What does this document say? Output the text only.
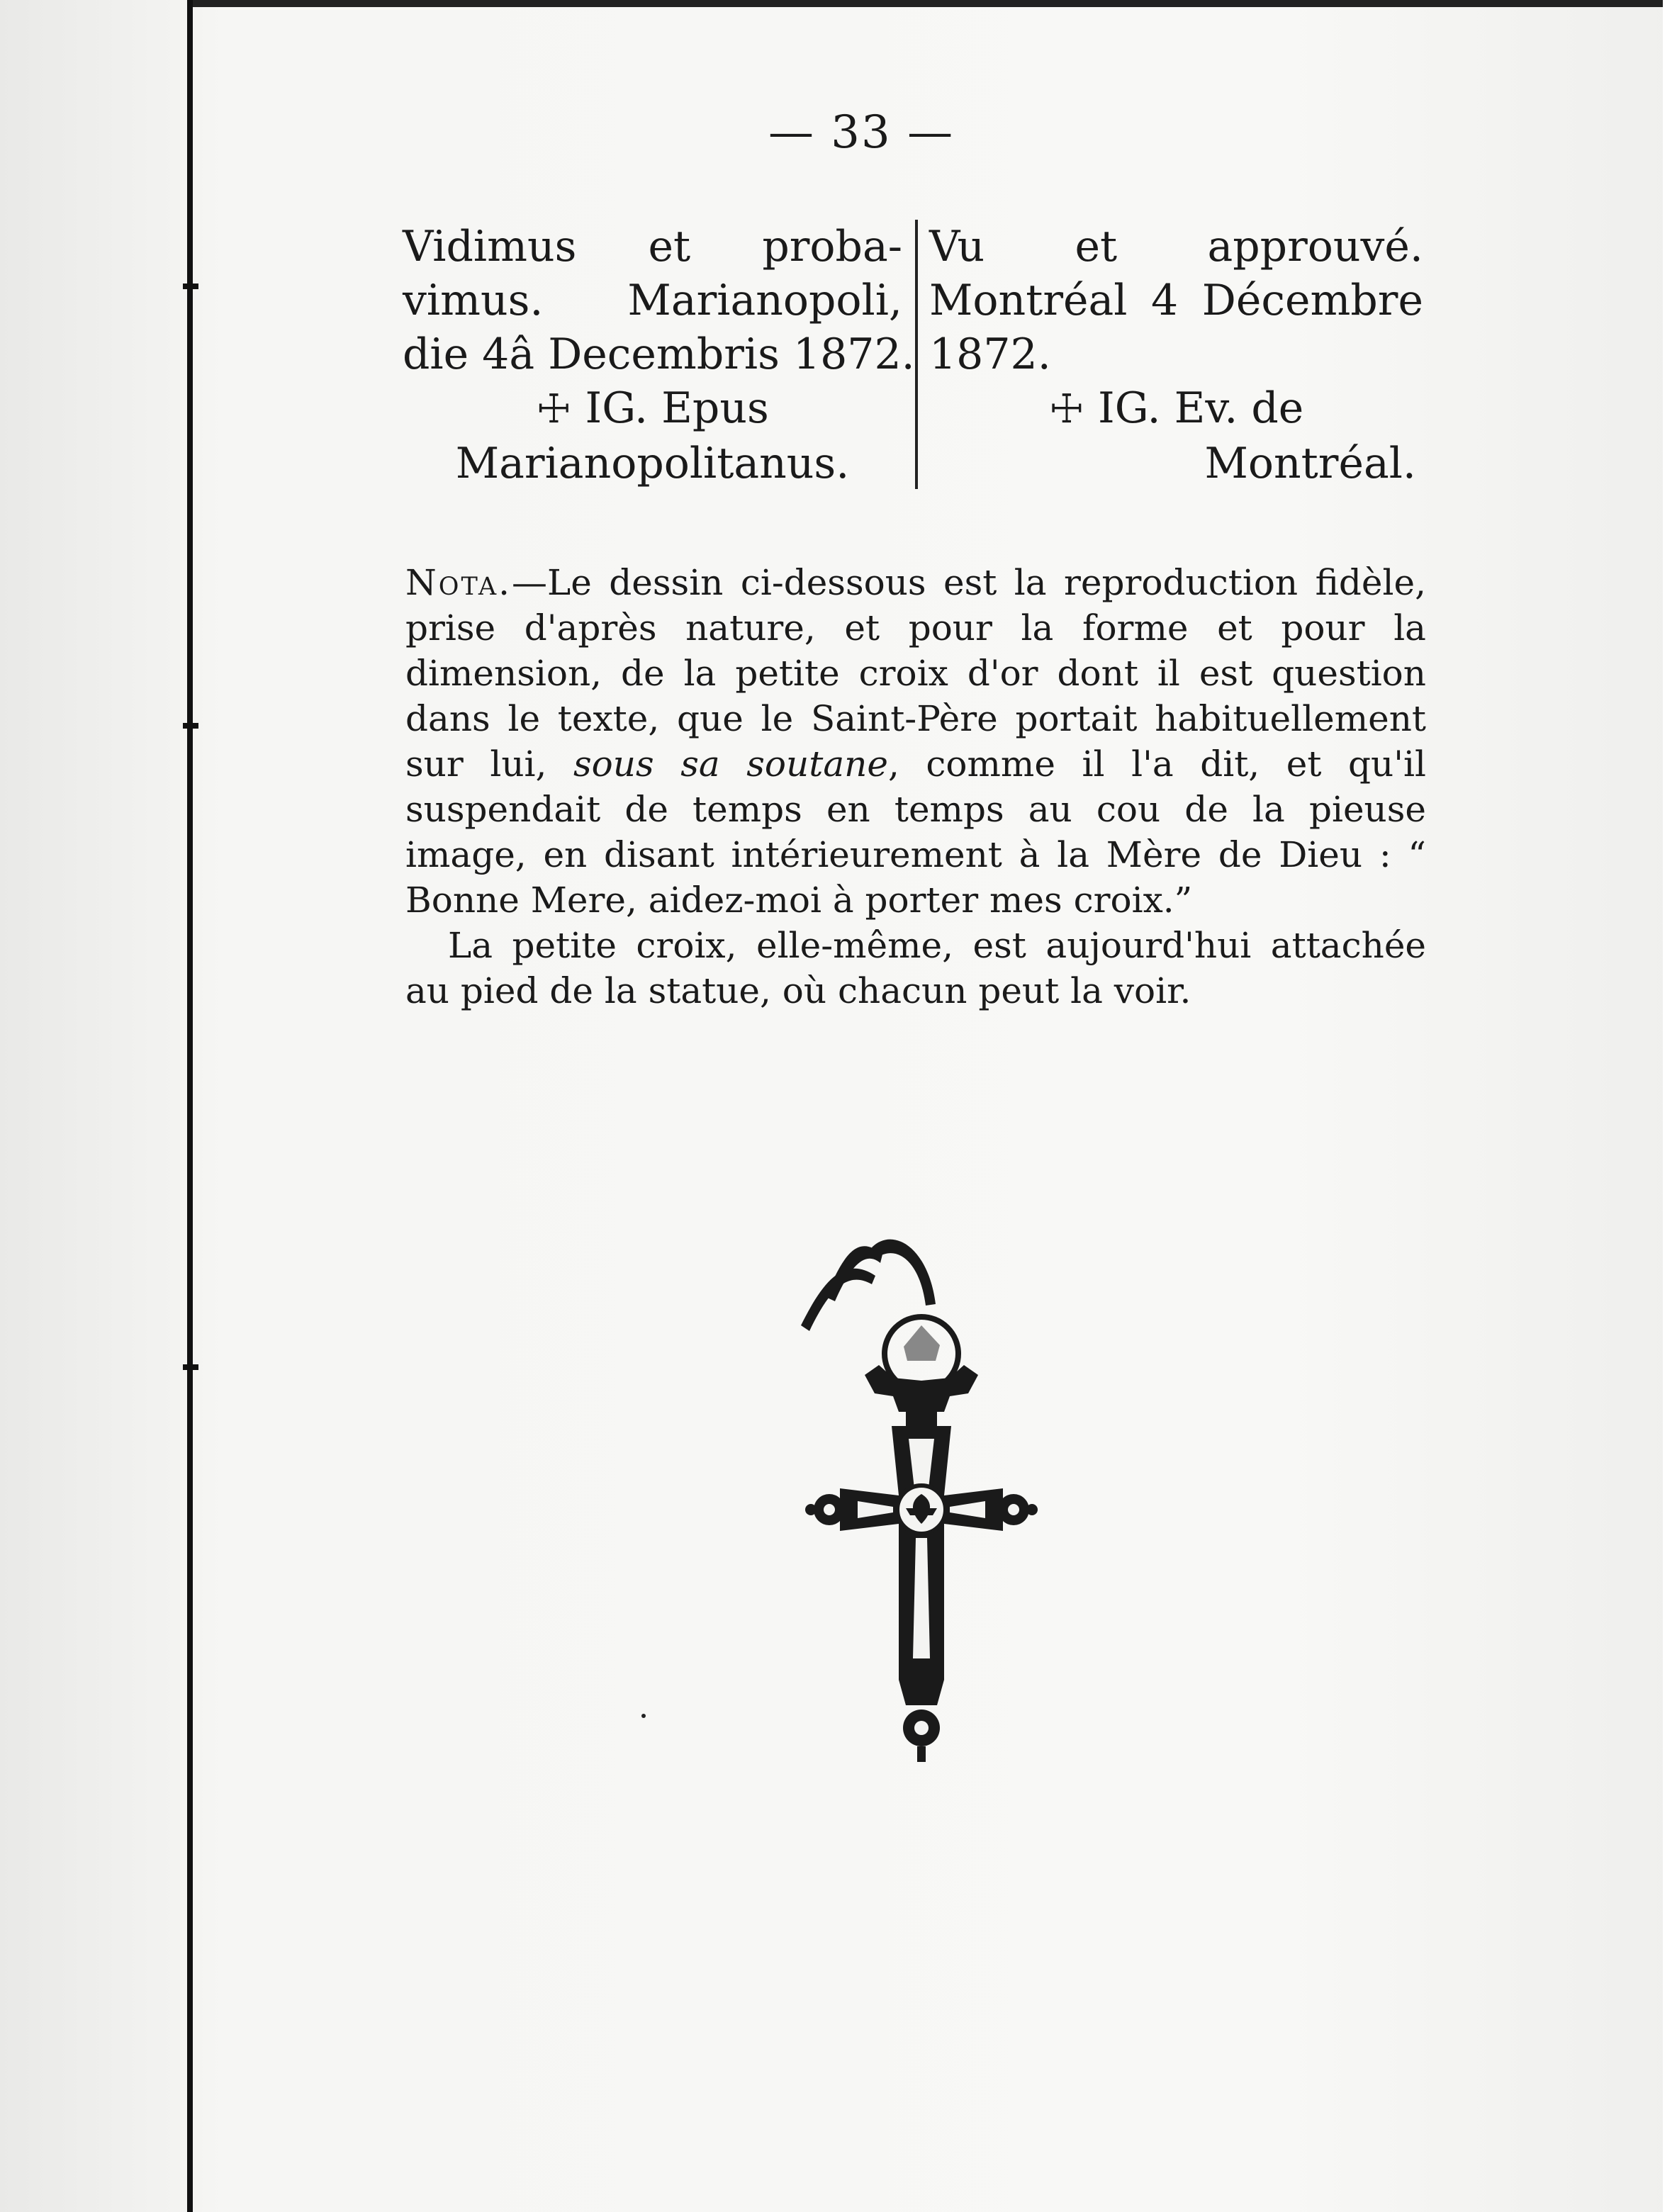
— 33 —
Vidimus et proba-
vimus. Marianopoli,
die 4â Decembris 1872.
☩ IG. Epus
Marianopolitanus.
Vu et approuvé.
Montréal 4 Décembre
1872.
☩ IG. Ev. de
Montréal.

Nota.—Le dessin ci-dessous est la reproduction fidèle, prise d'après nature, et pour la forme et pour la dimension, de la petite croix d'or dont il est question dans le texte, que le Saint-Père portait habituellement sur lui, sous sa soutane, comme il l'a dit, et qu'il suspendait de temps en temps au cou de la pieuse image, en disant intérieurement à la Mère de Dieu : “ Bonne Mere, aidez-moi à porter mes croix.”

La petite croix, elle-même, est aujourd'hui attachée au pied de la statue, où chacun peut la voir.
